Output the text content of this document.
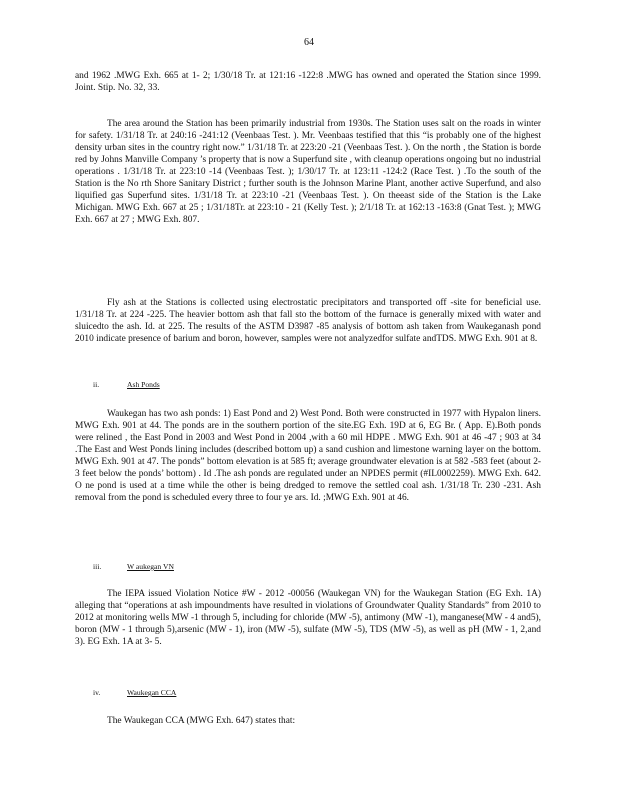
64

and 1962 .MWG Exh. 665 at 1- 2; 1/30/18 Tr. at 121:16 -122:8 .MWG has owned and operated the Station since 1999. Joint. Stip. No. 32, 33.

The area around the Station has been primarily industrial from 1930s. The Station uses salt on the roads in winter for safety. 1/31/18 Tr. at 240:16 -241:12 (Veenbaas Test. ). Mr. Veenbaas testified that this “is probably one of the highest density urban sites in the country right now.” 1/31/18 Tr. at 223:20 -21 (Veenbaas Test. ). On the north , the Station is borde red by Johns Manville Company ’s property that is now a Superfund site , with cleanup operations ongoing but no industrial operations . 1/31/18 Tr. at 223:10 -14 (Veenbaas Test. ); 1/30/17 Tr. at 123:11 -124:2 (Race Test. ) .To the south of the Station is the No rth Shore Sanitary District ; further south is the Johnson Marine Plant, another active Superfund, and also liquified gas Superfund sites. 1/31/18 Tr. at 223:10 -21 (Veenbaas Test. ). On theeast side of the Station is the Lake Michigan. MWG Exh. 667 at 25 ; 1/31/18Tr. at 223:10 - 21 (Kelly Test. ); 2/1/18 Tr. at 162:13 -163:8 (Gnat Test. ); MWG Exh. 667 at 27 ; MWG Exh. 807.

Fly ash at the Stations is collected using electrostatic precipitators and transported off -site for beneficial use. 1/31/18 Tr. at 224 -225. The heavier bottom ash that fall sto the bottom of the furnace is generally mixed with water and sluicedto the ash. Id. at 225. The results of the ASTM D3987 -85 analysis of bottom ash taken from Waukeganash pond 2010 indicate presence of barium and boron, however, samples were not analyzedfor sulfate andTDS. MWG Exh. 901 at 8.

ii.	Ash Ponds

Waukegan has two ash ponds: 1) East Pond and 2) West Pond. Both were constructed in 1977 with Hypalon liners. MWG Exh. 901 at 44. The ponds are in the southern portion of the site.EG Exh. 19D at 6, EG Br. ( App. E).Both ponds were relined , the East Pond in 2003 and West Pond in 2004 ,with a 60 mil HDPE . MWG Exh. 901 at 46 -47 ; 903 at 34 .The East and West Ponds lining includes (described bottom up) a sand cushion and limestone warning layer on the bottom. MWG Exh. 901 at 47. The ponds” bottom elevation is at 585 ft; average groundwater elevation is at 582 -583 feet (about 2-3 feet below the ponds’ bottom) . Id .The ash ponds are regulated under an NPDES permit (#IL0002259). MWG Exh. 642. O ne pond is used at a time while the other is being dredged to remove the settled coal ash. 1/31/18 Tr. 230 -231. Ash removal from the pond is scheduled every three to four ye ars. Id. ;MWG Exh. 901 at 46.

iii.	W aukegan VN

The IEPA issued Violation Notice #W - 2012 -00056 (Waukegan VN) for the Waukegan Station (EG Exh. 1A) alleging that “operations at ash impoundments have resulted in violations of Groundwater Quality Standards” from 2010 to 2012 at monitoring wells MW -1 through 5, including for chloride (MW -5), antimony (MW -1), manganese(MW - 4 and5), boron (MW - 1 through 5),arsenic (MW - 1), iron (MW -5), sulfate (MW -5), TDS (MW -5), as well as pH (MW - 1, 2,and 3). EG Exh. 1A at 3- 5.

iv.	Waukegan CCA

The Waukegan CCA (MWG Exh. 647) states that:
